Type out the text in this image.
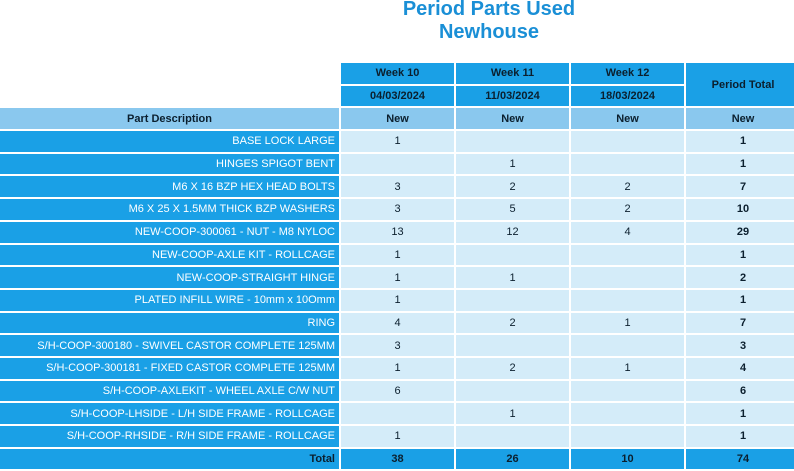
Period Parts Used
Newhouse
	Week 10	Week 11	Week 12	Period Total
	04/03/2024	11/03/2024	18/03/2024	
Part Description	New	New	New	New
BASE LOCK LARGE	1			1
HINGES SPIGOT BENT		1		1
M6 X 16 BZP HEX HEAD BOLTS	3	2	2	7
M6 X 25 X 1.5MM THICK BZP WASHERS	3	5	2	10
NEW-COOP-300061 - NUT - M8 NYLOC	13	12	4	29
NEW-COOP-AXLE KIT - ROLLCAGE	1			1
NEW-COOP-STRAIGHT HINGE	1	1		2
PLATED INFILL WIRE - 10mm x 10Omm	1			1
RING	4	2	1	7
S/H-COOP-300180 - SWIVEL CASTOR COMPLETE 125MM	3			3
S/H-COOP-300181 - FIXED CASTOR COMPLETE 125MM	1	2	1	4
S/H-COOP-AXLEKIT - WHEEL AXLE C/W NUT	6			6
S/H-COOP-LHSIDE - L/H SIDE FRAME - ROLLCAGE		1		1
S/H-COOP-RHSIDE - R/H SIDE FRAME - ROLLCAGE	1			1
Total	38	26	10	74
